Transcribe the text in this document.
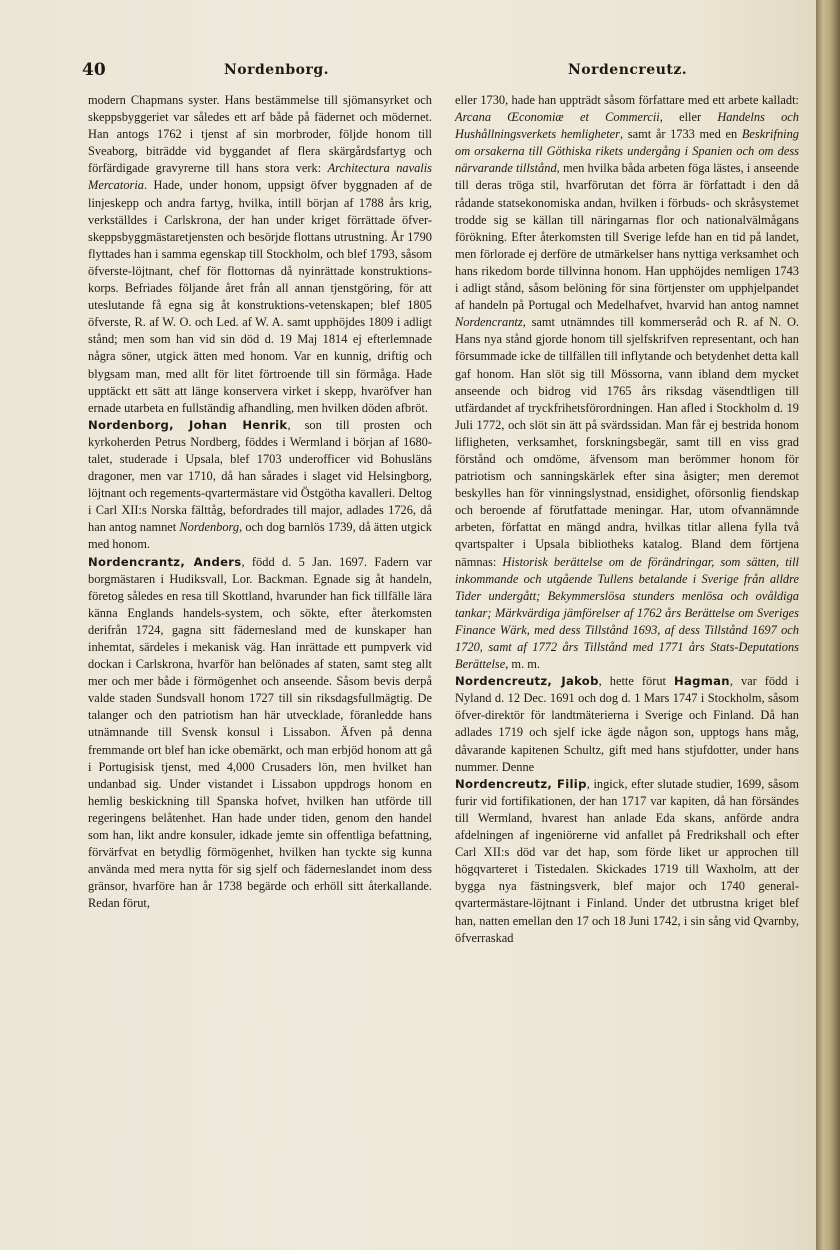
40	Nordenborg.	Nordencreutz.

modern Chapmans syster. Hans bestämmelse till sjömansyrket och skeppsbyggeriet var således ett arf både på fädernet och mödernet. Han antogs 1762 i tjenst af sin morbroder, följde honom till Sveaborg, biträdde vid byggandet af flera skärgårdsfartyg och förfärdigade gravyrerne till hans stora verk: Architectura navalis Mercatoria. Hade, under honom, uppsigt öfver byggnaden af de linjeskepp och andra fartyg, hvilka, intill början af 1788 års krig, verkställdes i Carlskrona, der han under kriget förrättade öfver-skeppsbyggmästaretjensten och besörjde flottans utrustning. År 1790 flyttades han i samma egenskap till Stockholm, och blef 1793, såsom öfverste-löjtnant, chef för flottornas då nyinrättade konstruktions-korps. Befriades följande året från all annan tjenstgöring, för att uteslutande få egna sig åt konstruktions-vetenskapen; blef 1805 öfverste, R. af W. O. och Led. af W. A. samt upphöjdes 1809 i adligt stånd; men som han vid sin död d. 19 Maj 1814 ej efterlemnade några söner, utgick ätten med honom. Var en kunnig, driftig och blygsam man, med allt för litet förtroende till sin förmåga. Hade upptäckt ett sätt att länge konservera virket i skepp, hvaröfver han ernade utarbeta en fullständig afhandling, men hvilken döden afbröt.

Nordenborg, Johan Henrik, son till prosten och kyrkoherden Petrus Nordberg, föddes i Wermland i början af 1680-talet, studerade i Upsala, blef 1703 underofficer vid Bohusläns dragoner, men var 1710, då han sårades i slaget vid Helsingborg, löjtnant och regements-qvartermästare vid Östgötha kavalleri. Deltog i Carl XII:s Norska fälttåg, befordrades till major, adlades 1726, då han antog namnet Nordenborg, och dog barnlös 1739, då ätten utgick med honom.

Nordencrantz, Anders, född d. 5 Jan. 1697. Fadern var borgmästaren i Hudiksvall, Lor. Backman. Egnade sig åt handeln, företog således en resa till Skottland, hvarunder han fick tillfälle lära känna Englands handels-system, och sökte, efter återkomsten derifrån 1724, gagna sitt fädernesland med de kunskaper han inhemtat, särdeles i mekanisk väg. Han inrättade ett pumpverk vid dockan i Carlskrona, hvarför han belönades af staten, samt steg allt mer och mer både i förmögenhet och anseende. Såsom bevis derpå valde staden Sundsvall honom 1727 till sin riksdagsfullmägtig. De talanger och den patriotism han här utvecklade, föranledde hans utnämnande till Svensk konsul i Lissabon. Äfven på denna fremmande ort blef han icke obemärkt, och man erbjöd honom att gå i Portugisisk tjenst, med 4,000 Crusaders lön, men hvilket han undanbad sig. Under vistandet i Lissabon uppdrogs honom en hemlig beskickning till Spanska hofvet, hvilken han utförde till regeringens belåtenhet. Han hade under tiden, genom den handel som han, likt andre konsuler, idkade jemte sin offentliga befattning, förvärfvat en betydlig förmögenhet, hvilken han tyckte sig kunna använda med mera nytta för sig sjelf och fäderneslandet inom dess gränsor, hvarföre han år 1738 begärde och erhöll sitt återkallande. Redan förut,

eller 1730, hade han uppträdt såsom författare med ett arbete kalladt: Arcana Œconomiæ et Commercii, eller Handelns och Hushållningsverkets hemligheter, samt år 1733 med en Beskrifning om orsakerna till Göthiska rikets undergång i Spanien och om dess närvarande tillstånd, men hvilka båda arbeten föga lästes, i anseende till deras tröga stil, hvarförutan det förra är författadt i den då rådande statsekonomiska andan, hvilken i förbuds- och skråsystemet trodde sig se källan till näringarnas flor och nationalvälmågans förökning. Efter återkomsten till Sverige lefde han en tid på landet, men förlorade ej derföre de utmärkelser hans nyttiga verksamhet och hans rikedom borde tillvinna honom. Han upphöjdes nemligen 1743 i adligt stånd, såsom belöning för sina förtjenster om upphjelpandet af handeln på Portugal och Medelhafvet, hvarvid han antog namnet Nordencrantz, samt utnämndes till kommerseråd och R. af N. O. Hans nya stånd gjorde honom till sjelfskrifven representant, och han försummade icke de tillfällen till inflytande och betydenhet detta kall gaf honom. Han slöt sig till Mössorna, vann ibland dem mycket anseende och bidrog vid 1765 års riksdag väsendtligen till utfärdandet af tryckfrihetsförordningen. Han afled i Stockholm d. 19 Juli 1772, och slöt sin ätt på svärdssidan. Man får ej bestrida honom lifligheten, verksamhet, forskningsbegär, samt till en viss grad förstånd och omdöme, äfvensom man berömmer honom för patriotism och sanningskärlek efter sina åsigter; men deremot beskylles han för vinningslystnad, ensidighet, oförsonlig fiendskap och beroende af förutfattade meningar. Har, utom ofvannämnde arbeten, författat en mängd andra, hvilkas titlar allena fylla två qvartspalter i Upsala bibliotheks katalog. Bland dem förtjena nämnas: Historisk berättelse om de förändringar, som sätten, till inkommande och utgående Tullens betalande i Sverige från alldre Tider undergått; Bekymmerslösa stunders menlösa och ovåldiga tankar; Märkvärdiga jämförelser af 1762 års Berättelse om Sveriges Finance Wärk, med dess Tillstånd 1693, af dess Tillstånd 1697 och 1720, samt af 1772 års Tillstånd med 1771 års Stats-Deputations Berättelse, m. m.

Nordencreutz, Jakob, hette förut Hagman, var född i Nyland d. 12 Dec. 1691 och dog d. 1 Mars 1747 i Stockholm, såsom öfver-direktör för landtmäterierna i Sverige och Finland. Då han adlades 1719 och sjelf icke ägde någon son, upptogs hans måg, dåvarande kapitenen Schultz, gift med hans stjufdotter, under hans nummer. Denne

Nordencreutz, Filip, ingick, efter slutade studier, 1699, såsom furir vid fortifikationen, der han 1717 var kapiten, då han försändes till Wermland, hvarest han anlade Eda skans, anförde andra afdelningen af ingeniörerne vid anfallet på Fredrikshall och efter Carl XII:s död var det hap, som förde liket ur approchen till högqvarteret i Tistedalen. Skickades 1719 till Waxholm, att der bygga nya fästningsverk, blef major och 1740 general-qvartermästare-löjtnant i Finland. Under det utbrustna kriget blef han, natten emellan den 17 och 18 Juni 1742, i sin sång vid Qvarnby, öfverraskad
